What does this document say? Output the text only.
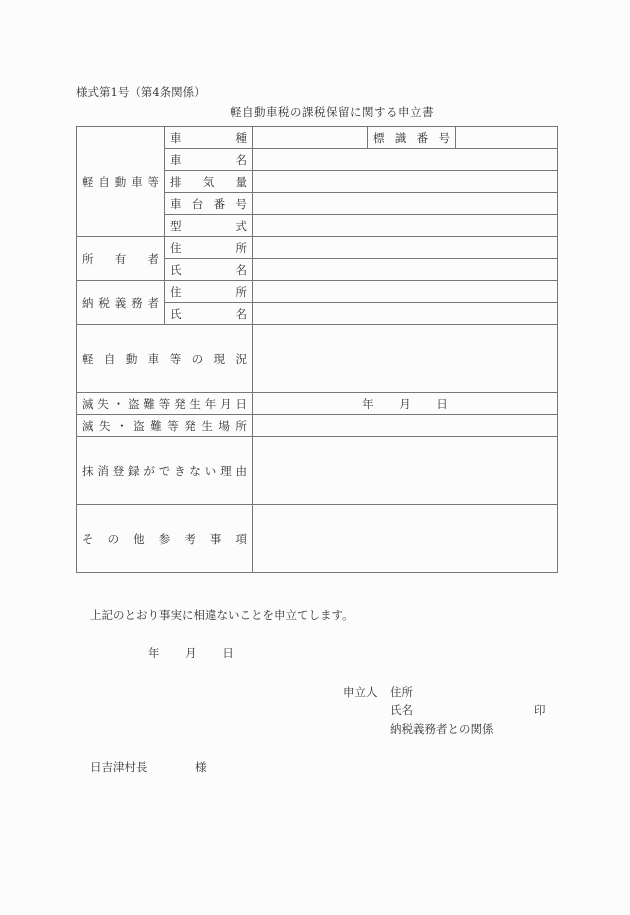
様式第1号（第4条関係）
軽自動車税の課税保留に関する申立書
軽 自 動 車 等	車 種		標 識 番 号	

	車 名			

	排 気 量			

	車 台 番 号			

	型 式			

所 有 者	住 所			

	氏 名			

納 税 義 務 者	住 所			

	氏 名			

軽 自 動 車 等 の 現 況

滅 失 ・ 盗 難 等 発 生 年 月 日	年 月 日

滅 失 ・ 盗 難 等 発 生 場 所

抹 消 登 録 が で き な い 理 由

そ の 他 参 考 事 項

上記のとおり事実に相違ないことを申立てします。
年 月 日
申立人 住所
氏名	印
納税義務者との関係
日吉津村長	様
